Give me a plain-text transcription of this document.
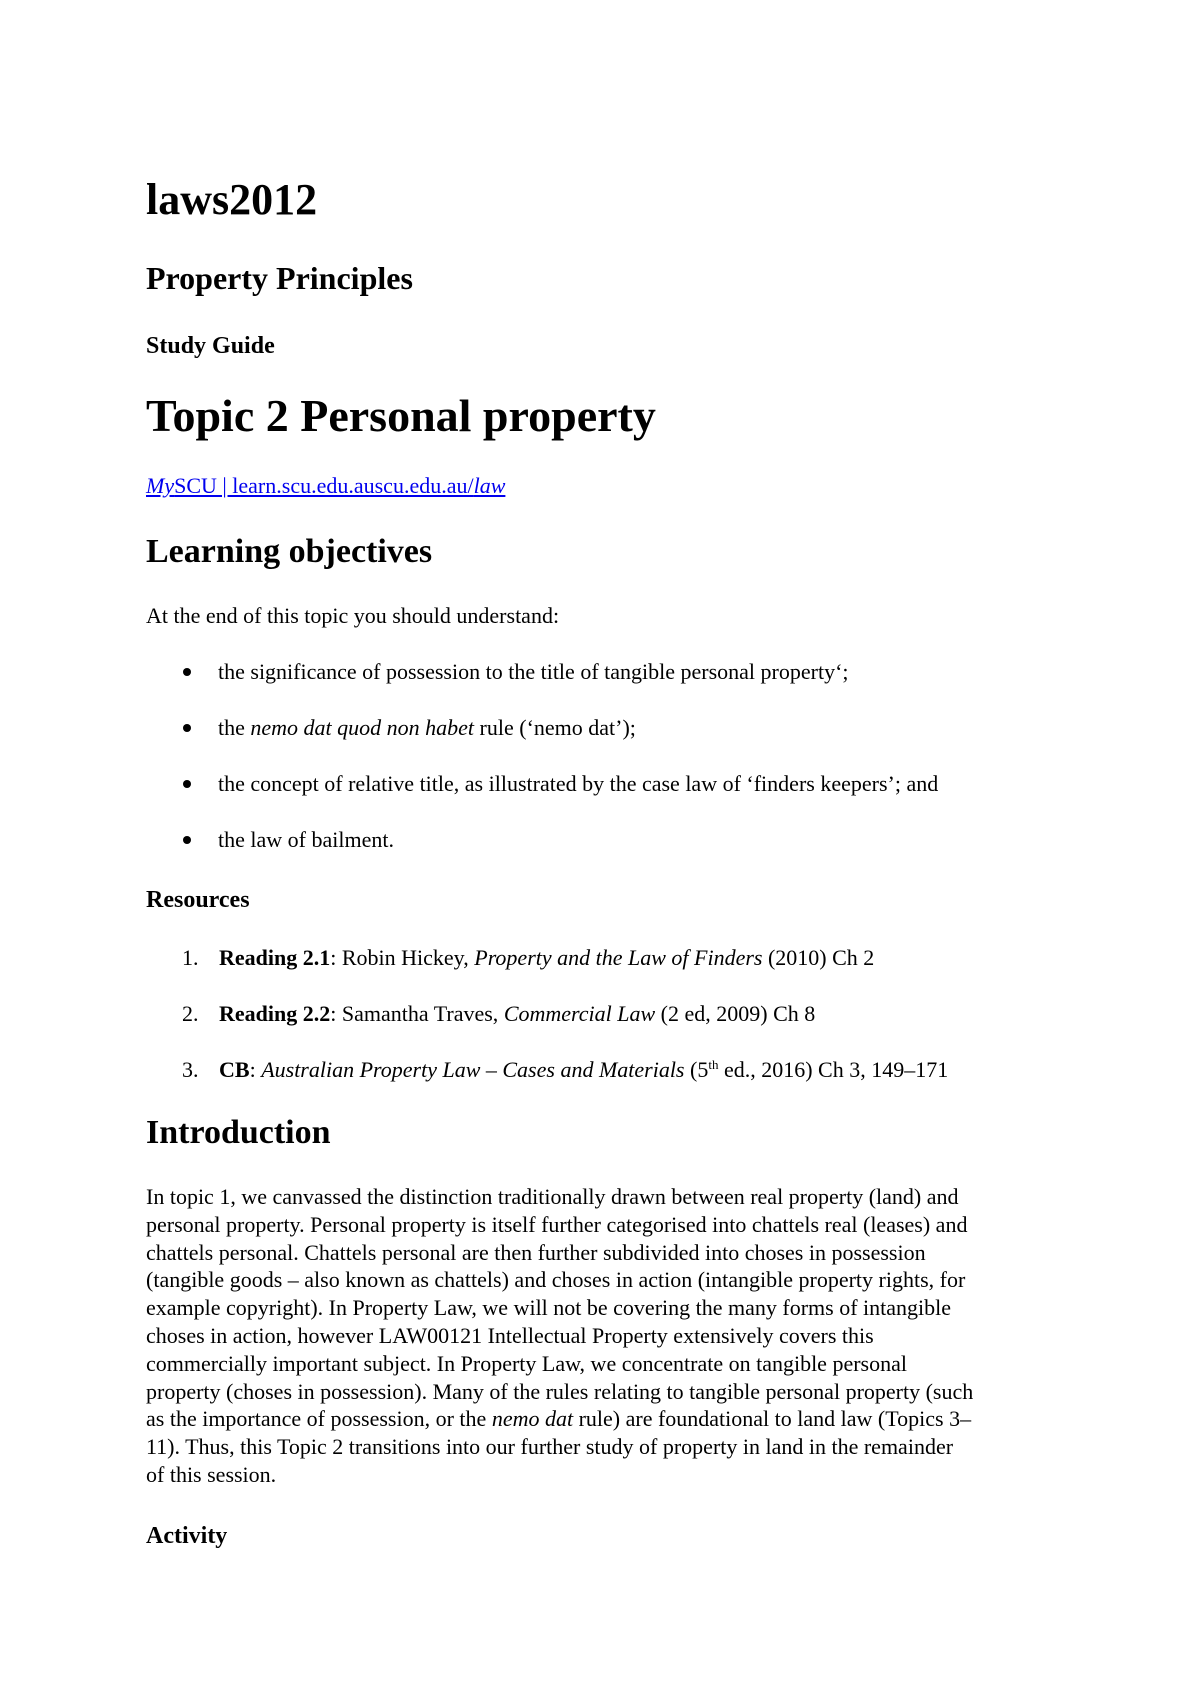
laws2012
Property Principles
Study Guide
Topic 2 Personal property
MySCU | learn.scu.edu.auscu.edu.au/law
Learning objectives

At the end of this topic you should understand:

the significance of possession to the title of tangible personal property‘;
the nemo dat quod non habet rule (‘nemo dat’);
the concept of relative title, as illustrated by the case law of ‘finders keepers’; and
the law of bailment.
Resources
1. Reading 2.1: Robin Hickey, Property and the Law of Finders (2010) Ch 2
2. Reading 2.2: Samantha Traves, Commercial Law (2 ed, 2009) Ch 8
3. CB: Australian Property Law – Cases and Materials (5th ed., 2016) Ch 3, 149–171
Introduction

In topic 1, we canvassed the distinction traditionally drawn between real property (land) and
personal property. Personal property is itself further categorised into chattels real (leases) and
chattels personal. Chattels personal are then further subdivided into choses in possession
(tangible goods – also known as chattels) and choses in action (intangible property rights, for
example copyright). In Property Law, we will not be covering the many forms of intangible
choses in action, however LAW00121 Intellectual Property extensively covers this
commercially important subject. In Property Law, we concentrate on tangible personal
property (choses in possession). Many of the rules relating to tangible personal property (such
as the importance of possession, or the nemo dat rule) are foundational to land law (Topics 3–
11). Thus, this Topic 2 transitions into our further study of property in land in the remainder
of this session.

Activity
